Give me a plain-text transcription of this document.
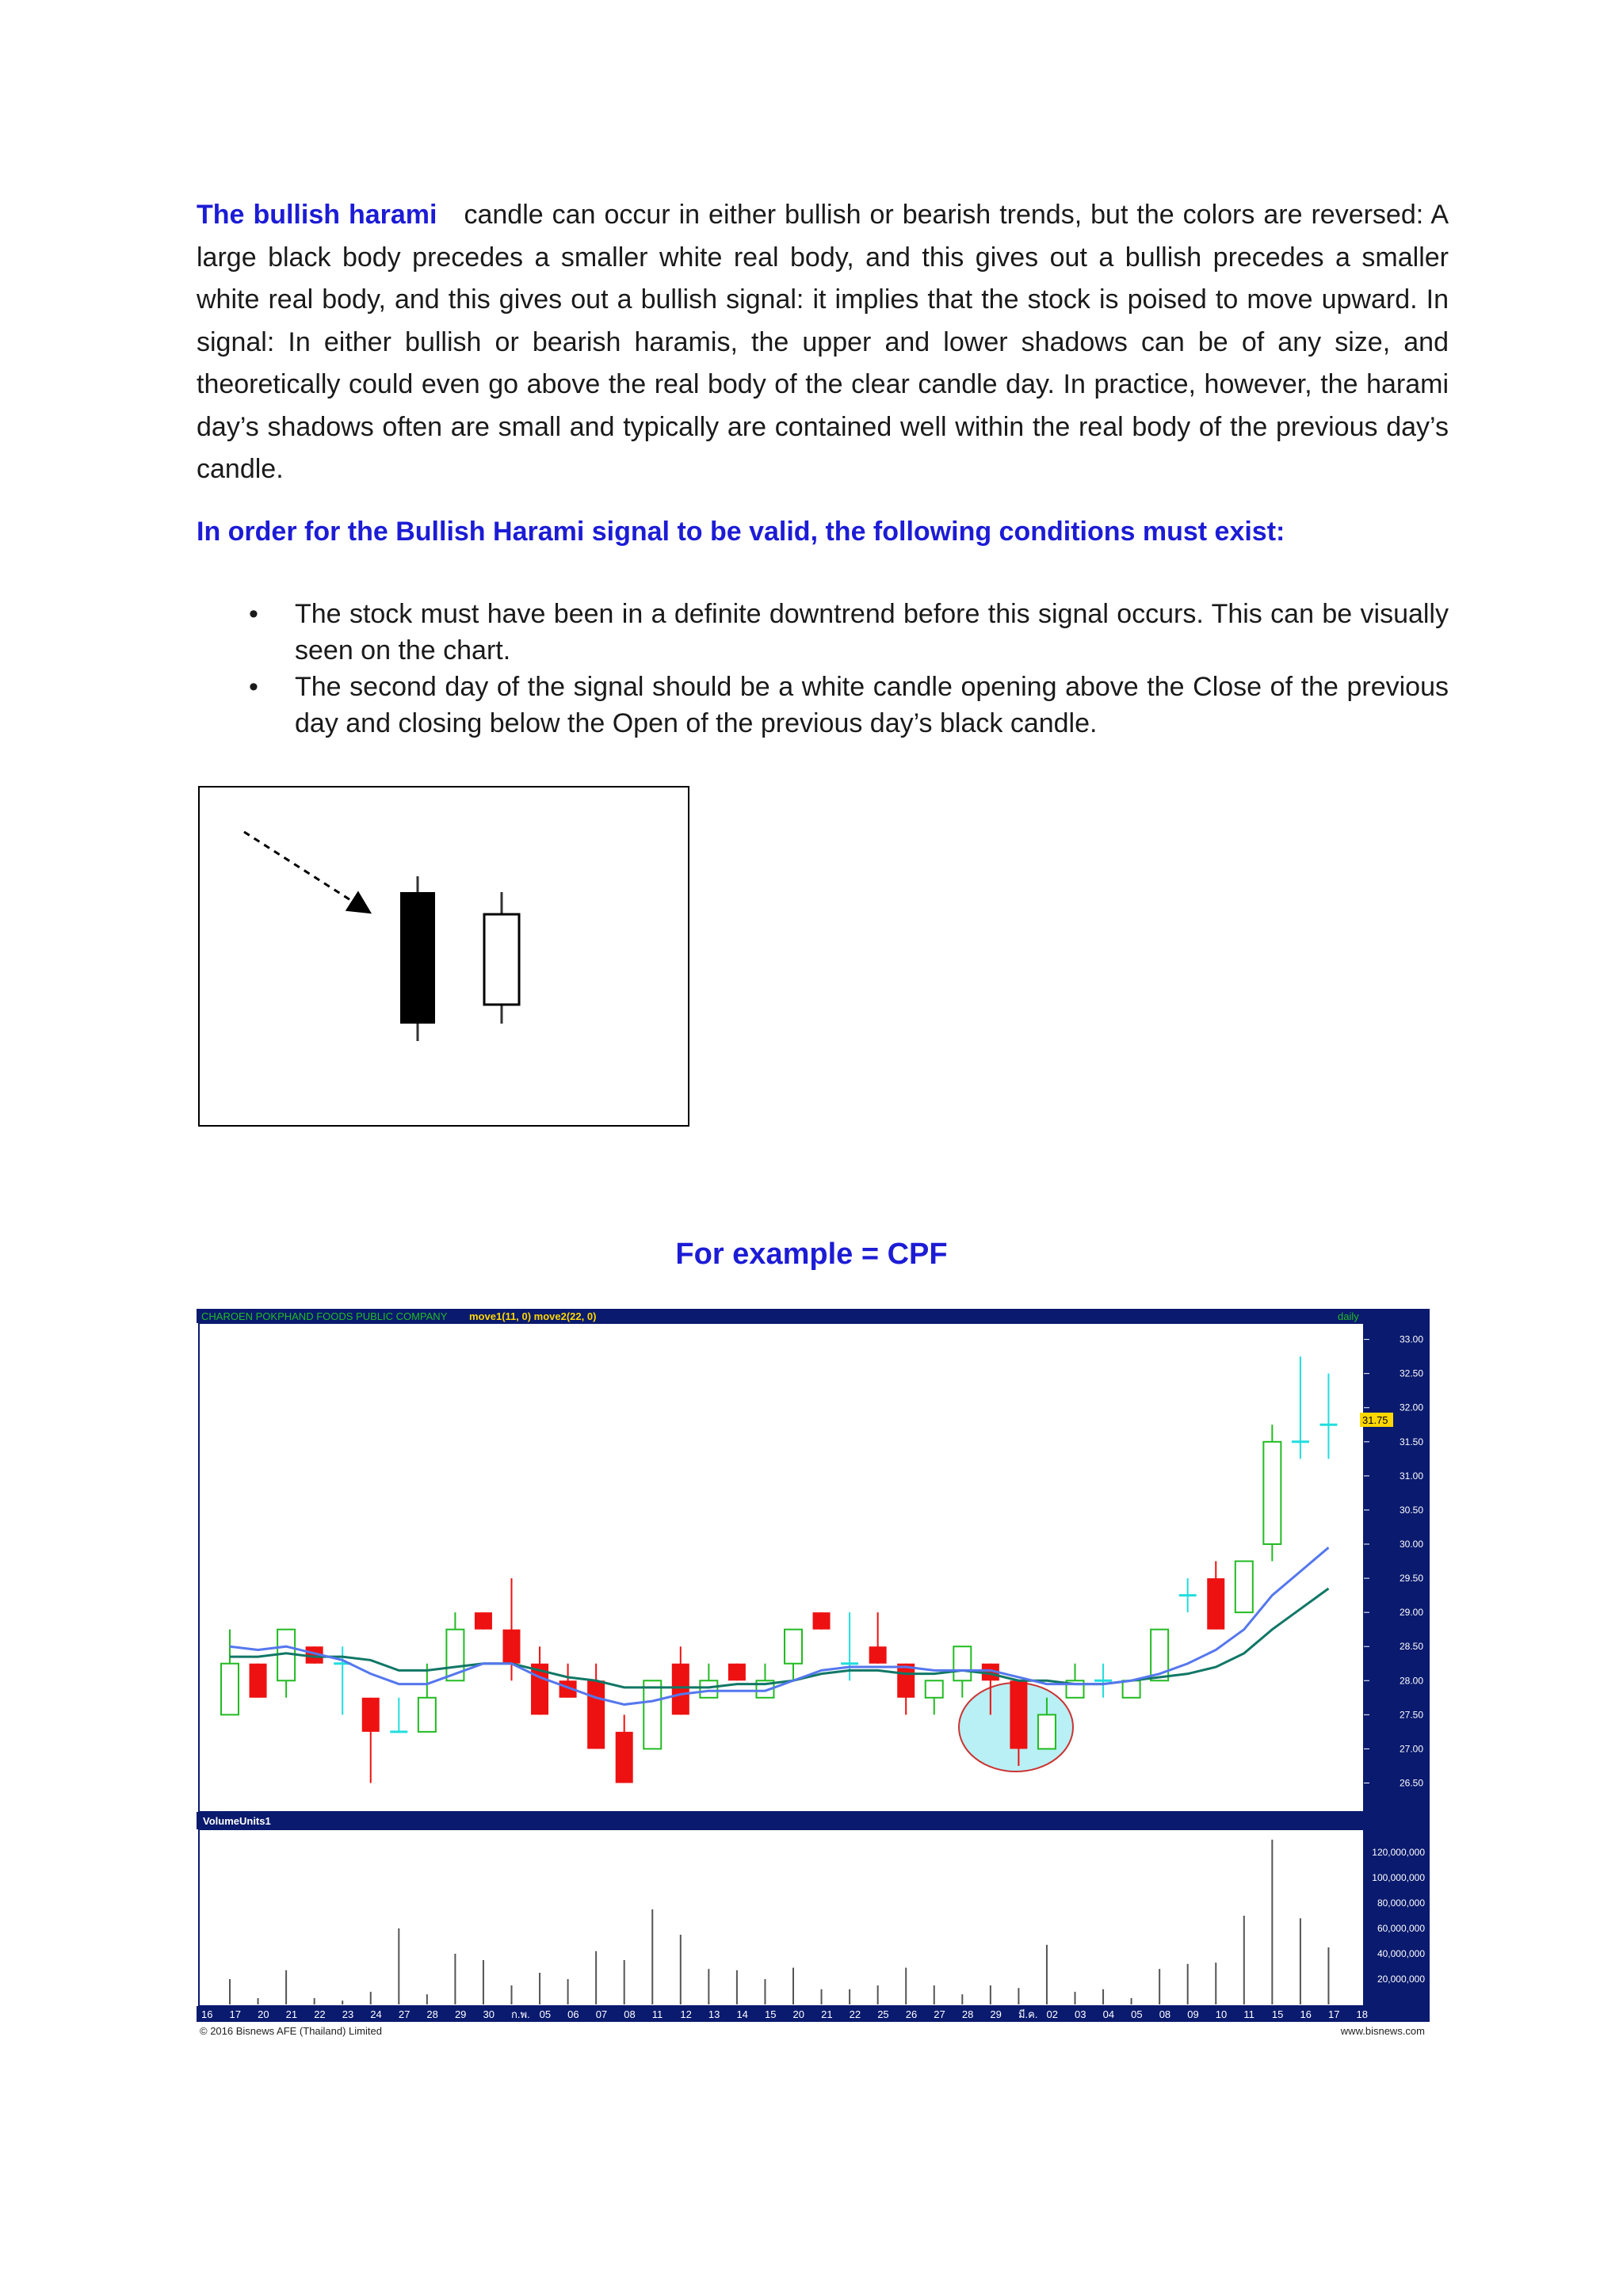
The bullish harami candle can occur in either bullish or bearish trends, but the colors are reversed: A large black body precedes a smaller white real body, and this gives out a bullish precedes a smaller white real body, and this gives out a bullish signal: it implies that the stock is poised to move upward. In signal: In either bullish or bearish haramis, the upper and lower shadows can be of any size, and theoretically could even go above the real body of the clear candle day. In practice, however, the harami day’s shadows often are small and typically are contained well within the real body of the previous day’s candle.

In order for the Bullish Harami signal to be valid, the following conditions must exist:

• The stock must have been in a definite downtrend before this signal occurs. This can be visually seen on the chart.
• The second day of the signal should be a white candle opening above the Close of the previous day and closing below the Open of the previous day’s black candle.

For example = CPF

CHAROEN POKPHAND FOODS PUBLIC COMPANY move1(11, 0) move2(22, 0)	daily
33.00
32.50
32.00
31.50
31.00
30.50
30.00
29.50
29.00
28.50
28.00
27.50
27.00
26.50
31.75
VolumeUnits1
120,000,000
100,000,000
80,000,000
60,000,000
40,000,000
20,000,000
16 17 20 21 22 23 24 27 28 29 30 ก.พ. 05 06 07 08 11 12 13 14 15 20 21 22 25 26 27 28 29 มี.ค. 02 03 04 05 08 09 10 11 15 16 17 18
© 2016 Bisnews AFE (Thailand) Limited	www.bisnews.com
